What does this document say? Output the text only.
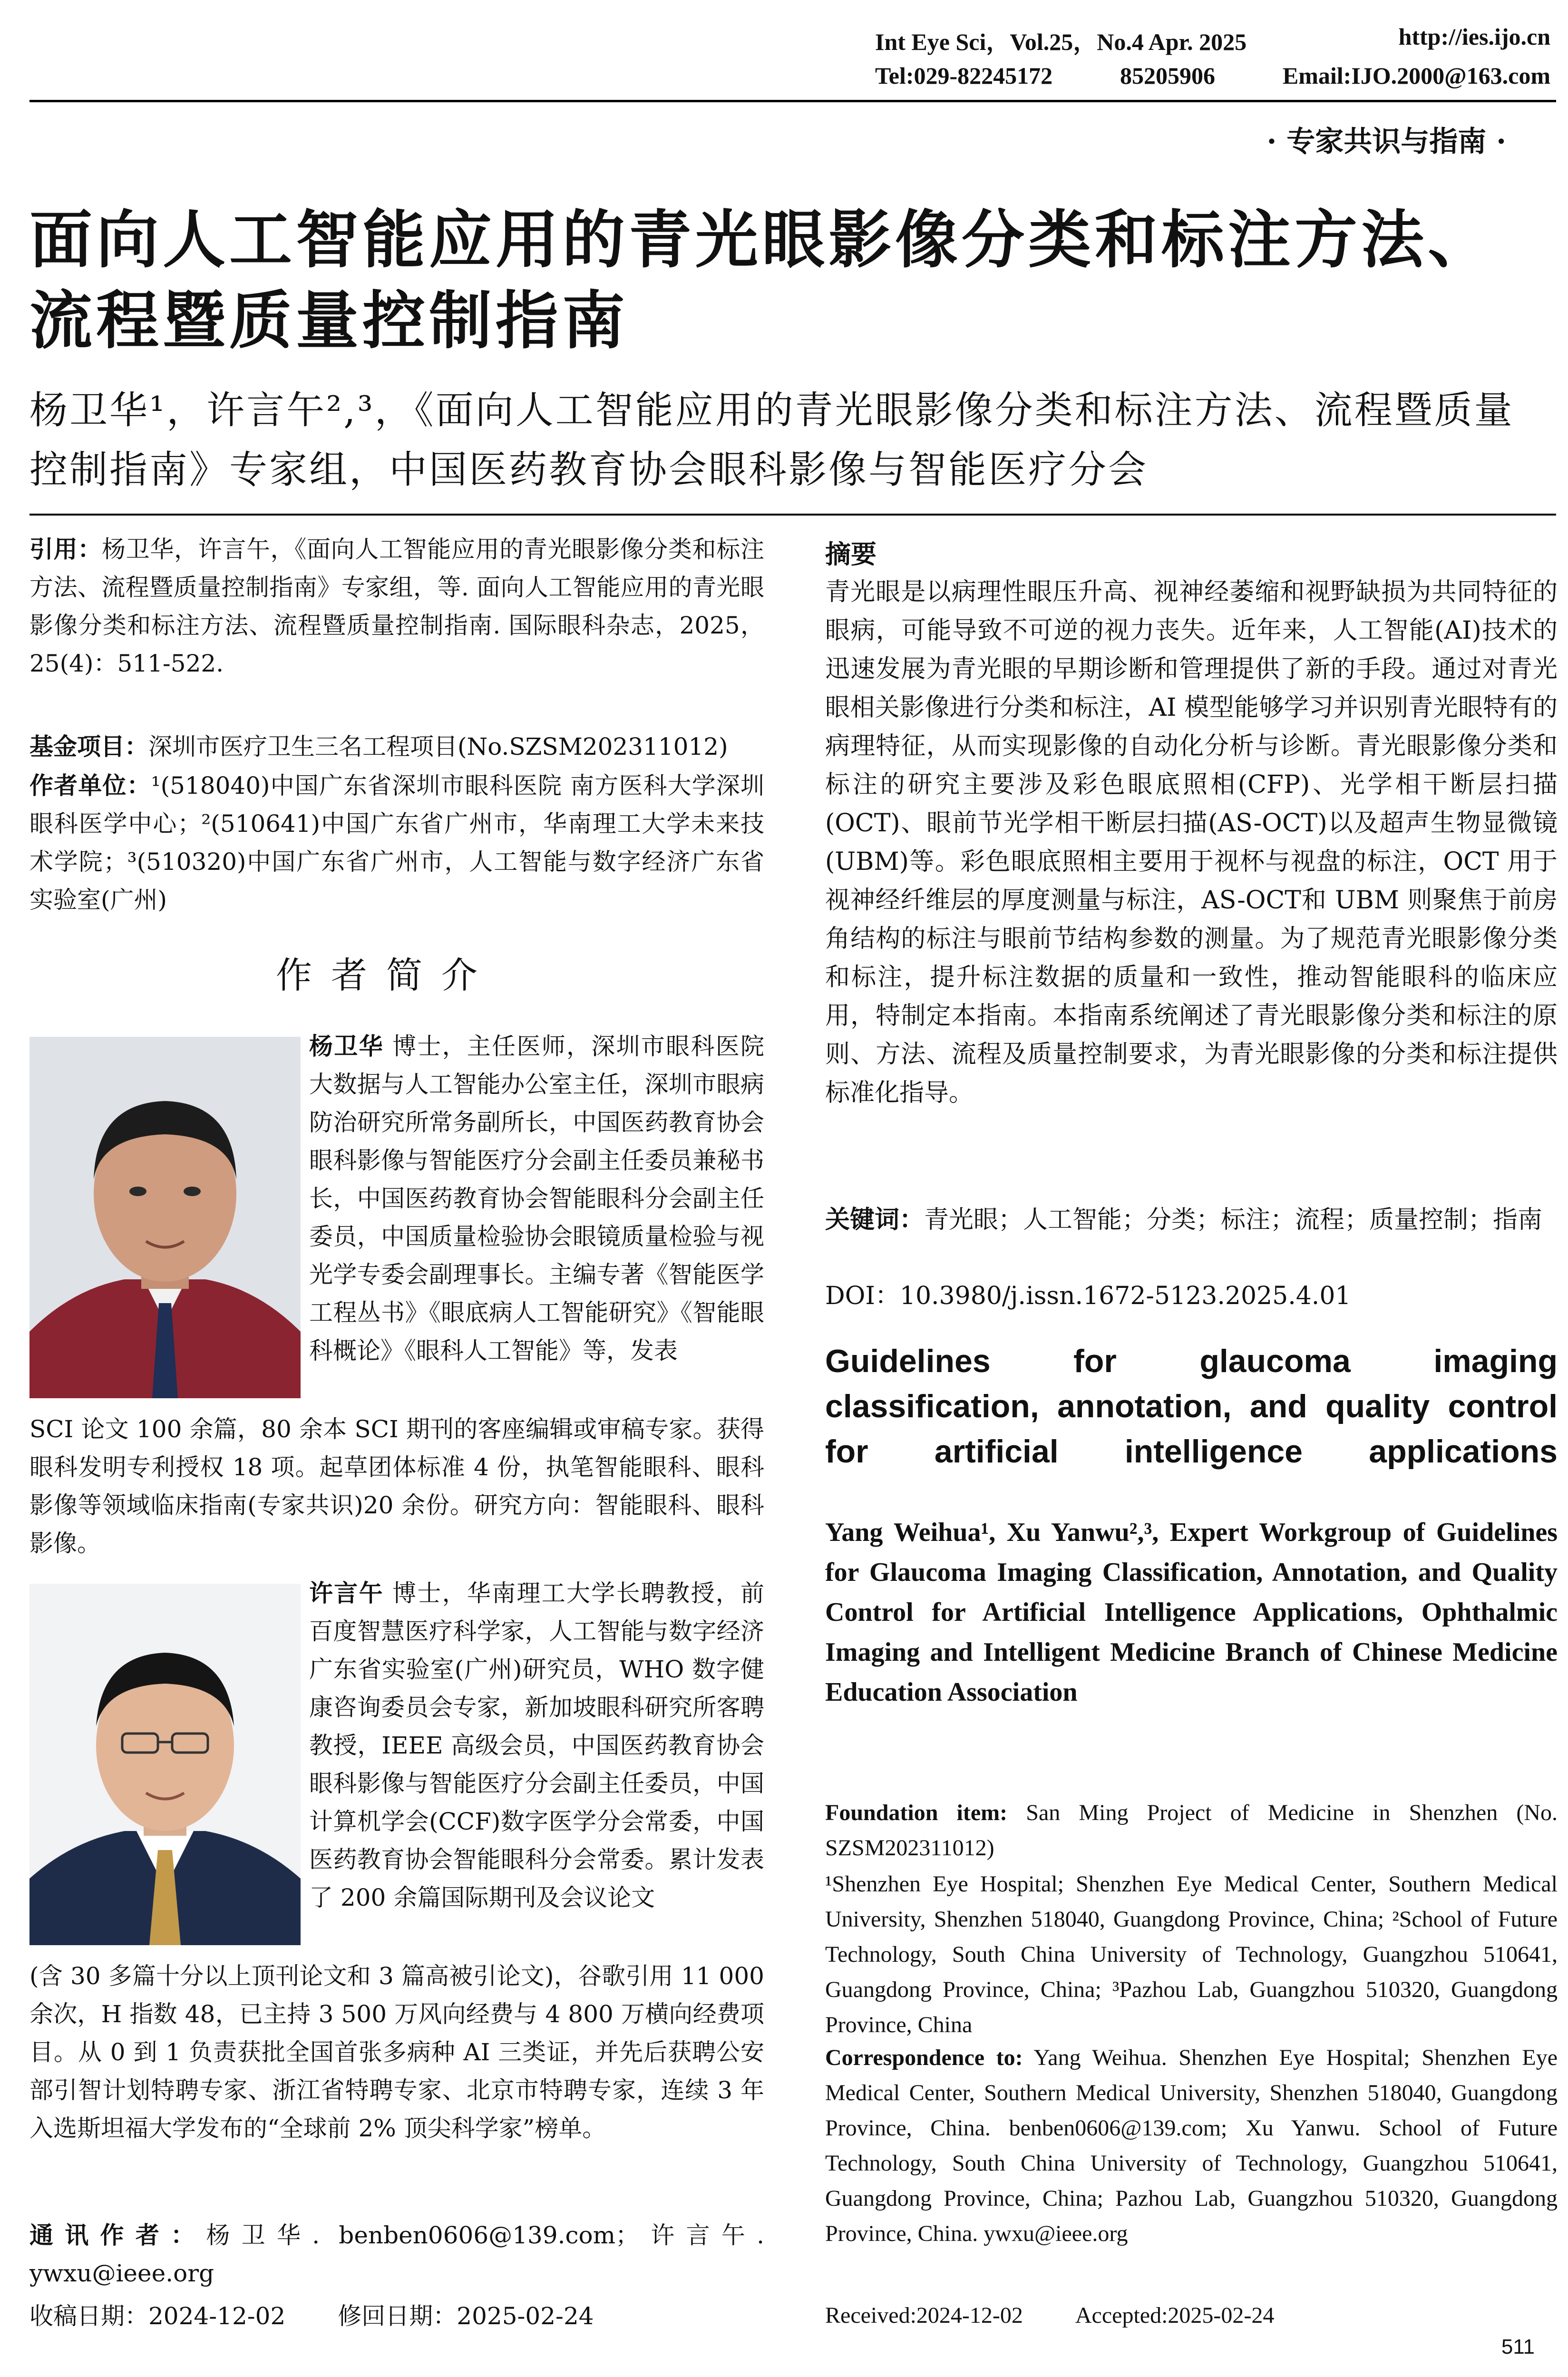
Int Eye Sci，Vol.25，No.4 Apr. 2025	http://ies.ijo.cn
Tel:029-82245172	85205906	Email:IJO.2000@163.com
· 专家共识与指南 ·
面向人工智能应用的青光眼影像分类和标注方法、流程暨质量控制指南
杨卫华¹，许言午²,³，《面向人工智能应用的青光眼影像分类和标注方法、流程暨质量控制指南》专家组，中国医药教育协会眼科影像与智能医疗分会
引用：杨卫华，许言午，《面向人工智能应用的青光眼影像分类和标注方法、流程暨质量控制指南》专家组，等. 面向人工智能应用的青光眼影像分类和标注方法、流程暨质量控制指南. 国际眼科杂志，2025，25(4)：511-522.
基金项目：深圳市医疗卫生三名工程项目(No.SZSM202311012)
作者单位：¹(518040)中国广东省深圳市眼科医院 南方医科大学深圳眼科医学中心；²(510641)中国广东省广州市，华南理工大学未来技术学院；³(510320)中国广东省广州市，人工智能与数字经济广东省实验室(广州)
作者简介
杨卫华 博士，主任医师，深圳市眼科医院大数据与人工智能办公室主任，深圳市眼病防治研究所常务副所长，中国医药教育协会眼科影像与智能医疗分会副主任委员兼秘书长，中国医药教育协会智能眼科分会副主任委员，中国质量检验协会眼镜质量检验与视光学专委会副理事长。主编专著《智能医学工程丛书》《眼底病人工智能研究》《智能眼科概论》《眼科人工智能》等，发表
SCI 论文 100 余篇，80 余本 SCI 期刊的客座编辑或审稿专家。获得眼科发明专利授权 18 项。起草团体标准 4 份，执笔智能眼科、眼科影像等领域临床指南(专家共识)20 余份。研究方向：智能眼科、眼科影像。
许言午 博士，华南理工大学长聘教授，前百度智慧医疗科学家，人工智能与数字经济广东省实验室(广州)研究员，WHO 数字健康咨询委员会专家，新加坡眼科研究所客聘教授，IEEE 高级会员，中国医药教育协会眼科影像与智能医疗分会副主任委员，中国计算机学会(CCF)数字医学分会常委，中国医药教育协会智能眼科分会常委。累计发表了 200 余篇国际期刊及会议论文
(含 30 多篇十分以上顶刊论文和 3 篇高被引论文)，谷歌引用 11 000 余次，H 指数 48，已主持 3 500 万风向经费与 4 800 万横向经费项目。从 0 到 1 负责获批全国首张多病种 AI 三类证，并先后获聘公安部引智计划特聘专家、浙江省特聘专家、北京市特聘专家，连续 3 年入选斯坦福大学发布的“全球前 2% 顶尖科学家”榜单。
通讯作者：杨卫华. benben0606@139.com；许言午. ywxu@ieee.org
收稿日期：2024-12-02 修回日期：2025-02-24
摘要
青光眼是以病理性眼压升高、视神经萎缩和视野缺损为共同特征的眼病，可能导致不可逆的视力丧失。近年来，人工智能(AI)技术的迅速发展为青光眼的早期诊断和管理提供了新的手段。通过对青光眼相关影像进行分类和标注，AI 模型能够学习并识别青光眼特有的病理特征，从而实现影像的自动化分析与诊断。青光眼影像分类和标注的研究主要涉及彩色眼底照相(CFP)、光学相干断层扫描(OCT)、眼前节光学相干断层扫描(AS-OCT)以及超声生物显微镜(UBM)等。彩色眼底照相主要用于视杯与视盘的标注，OCT 用于视神经纤维层的厚度测量与标注，AS-OCT和 UBM 则聚焦于前房角结构的标注与眼前节结构参数的测量。为了规范青光眼影像分类和标注，提升标注数据的质量和一致性，推动智能眼科的临床应用，特制定本指南。本指南系统阐述了青光眼影像分类和标注的原则、方法、流程及质量控制要求，为青光眼影像的分类和标注提供标准化指导。
关键词：青光眼；人工智能；分类；标注；流程；质量控制；指南
DOI：10.3980/j.issn.1672-5123.2025.4.01
Guidelines for glaucoma imaging classification, annotation, and quality control for artificial intelligence applications
Yang Weihua¹, Xu Yanwu²,³, Expert Workgroup of Guidelines for Glaucoma Imaging Classification, Annotation, and Quality Control for Artificial Intelligence Applications, Ophthalmic Imaging and Intelligent Medicine Branch of Chinese Medicine Education Association
Foundation item: San Ming Project of Medicine in Shenzhen (No. SZSM202311012)
¹Shenzhen Eye Hospital; Shenzhen Eye Medical Center, Southern Medical University, Shenzhen 518040, Guangdong Province, China; ²School of Future Technology, South China University of Technology, Guangzhou 510641, Guangdong Province, China; ³Pazhou Lab, Guangzhou 510320, Guangdong Province, China
Correspondence to: Yang Weihua. Shenzhen Eye Hospital; Shenzhen Eye Medical Center, Southern Medical University, Shenzhen 518040, Guangdong Province, China. benben0606@139.com; Xu Yanwu. School of Future Technology, South China University of Technology, Guangzhou 510641, Guangdong Province, China; Pazhou Lab, Guangzhou 510320, Guangdong Province, China. ywxu@ieee.org
Received:2024-12-02 Accepted:2025-02-24
511
